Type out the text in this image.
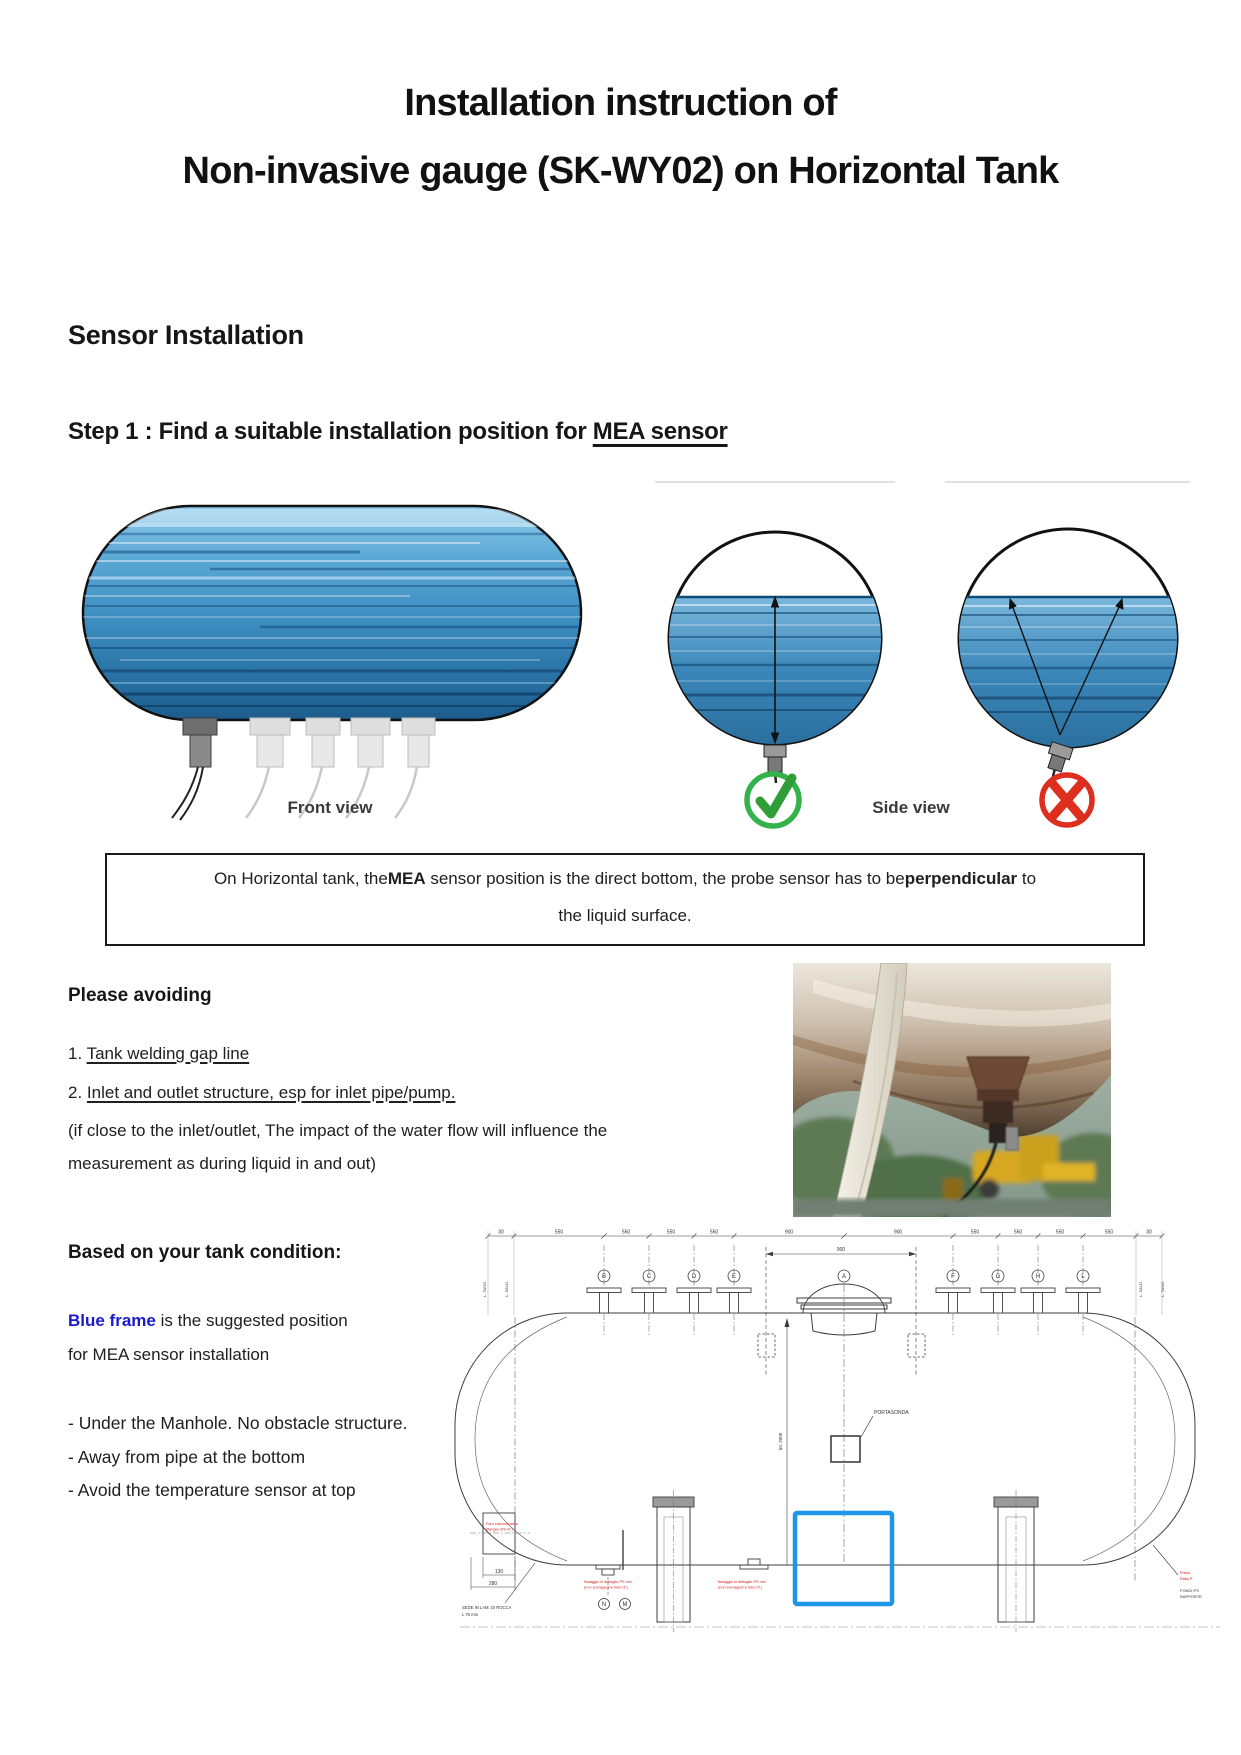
Installation instruction of
Non-invasive gauge (SK-WY02) on Horizontal Tank
Sensor Installation
Step 1 : Find a suitable installation position for MEA sensor
Front view	Side view
On Horizontal tank, theMEA sensor position is the direct bottom, the probe sensor has to beperpendicular to
the liquid surface.
Please avoiding
1. Tank welding gap line
2. Inlet and outlet structure, esp for inlet pipe/pump.
(if close to the inlet/outlet, The impact of the water flow will influence the
measurement as during liquid in and out)
Based on your tank condition:
Blue frame is the suggested position
for MEA sensor installation
- Under the Manhole. No obstacle structure.
- Away from pipe at the bottom
- Avoid the temperature sensor at top
30	550	550	550	550	900	900	550	550	550	550	30
900
130
280
B	C	D	E	A	F	G	H	L
N	M
PORTASONDA
int. 2000
L. TANG.	L. SALD.	L. SALD.	L. TANG.
Foro carico/scarico
(flangia UNI rif.)
fissaggio in dettaglio PS min.
(non sovrapporre tubo rif.)
fissaggio in dettaglio PS min.
(non sovrapporre tubo rif.)
Press.
Ratio P
FONDI PS
RAPPORTE
SEDE IN LAM. DI ROCCA
L 75 mm
